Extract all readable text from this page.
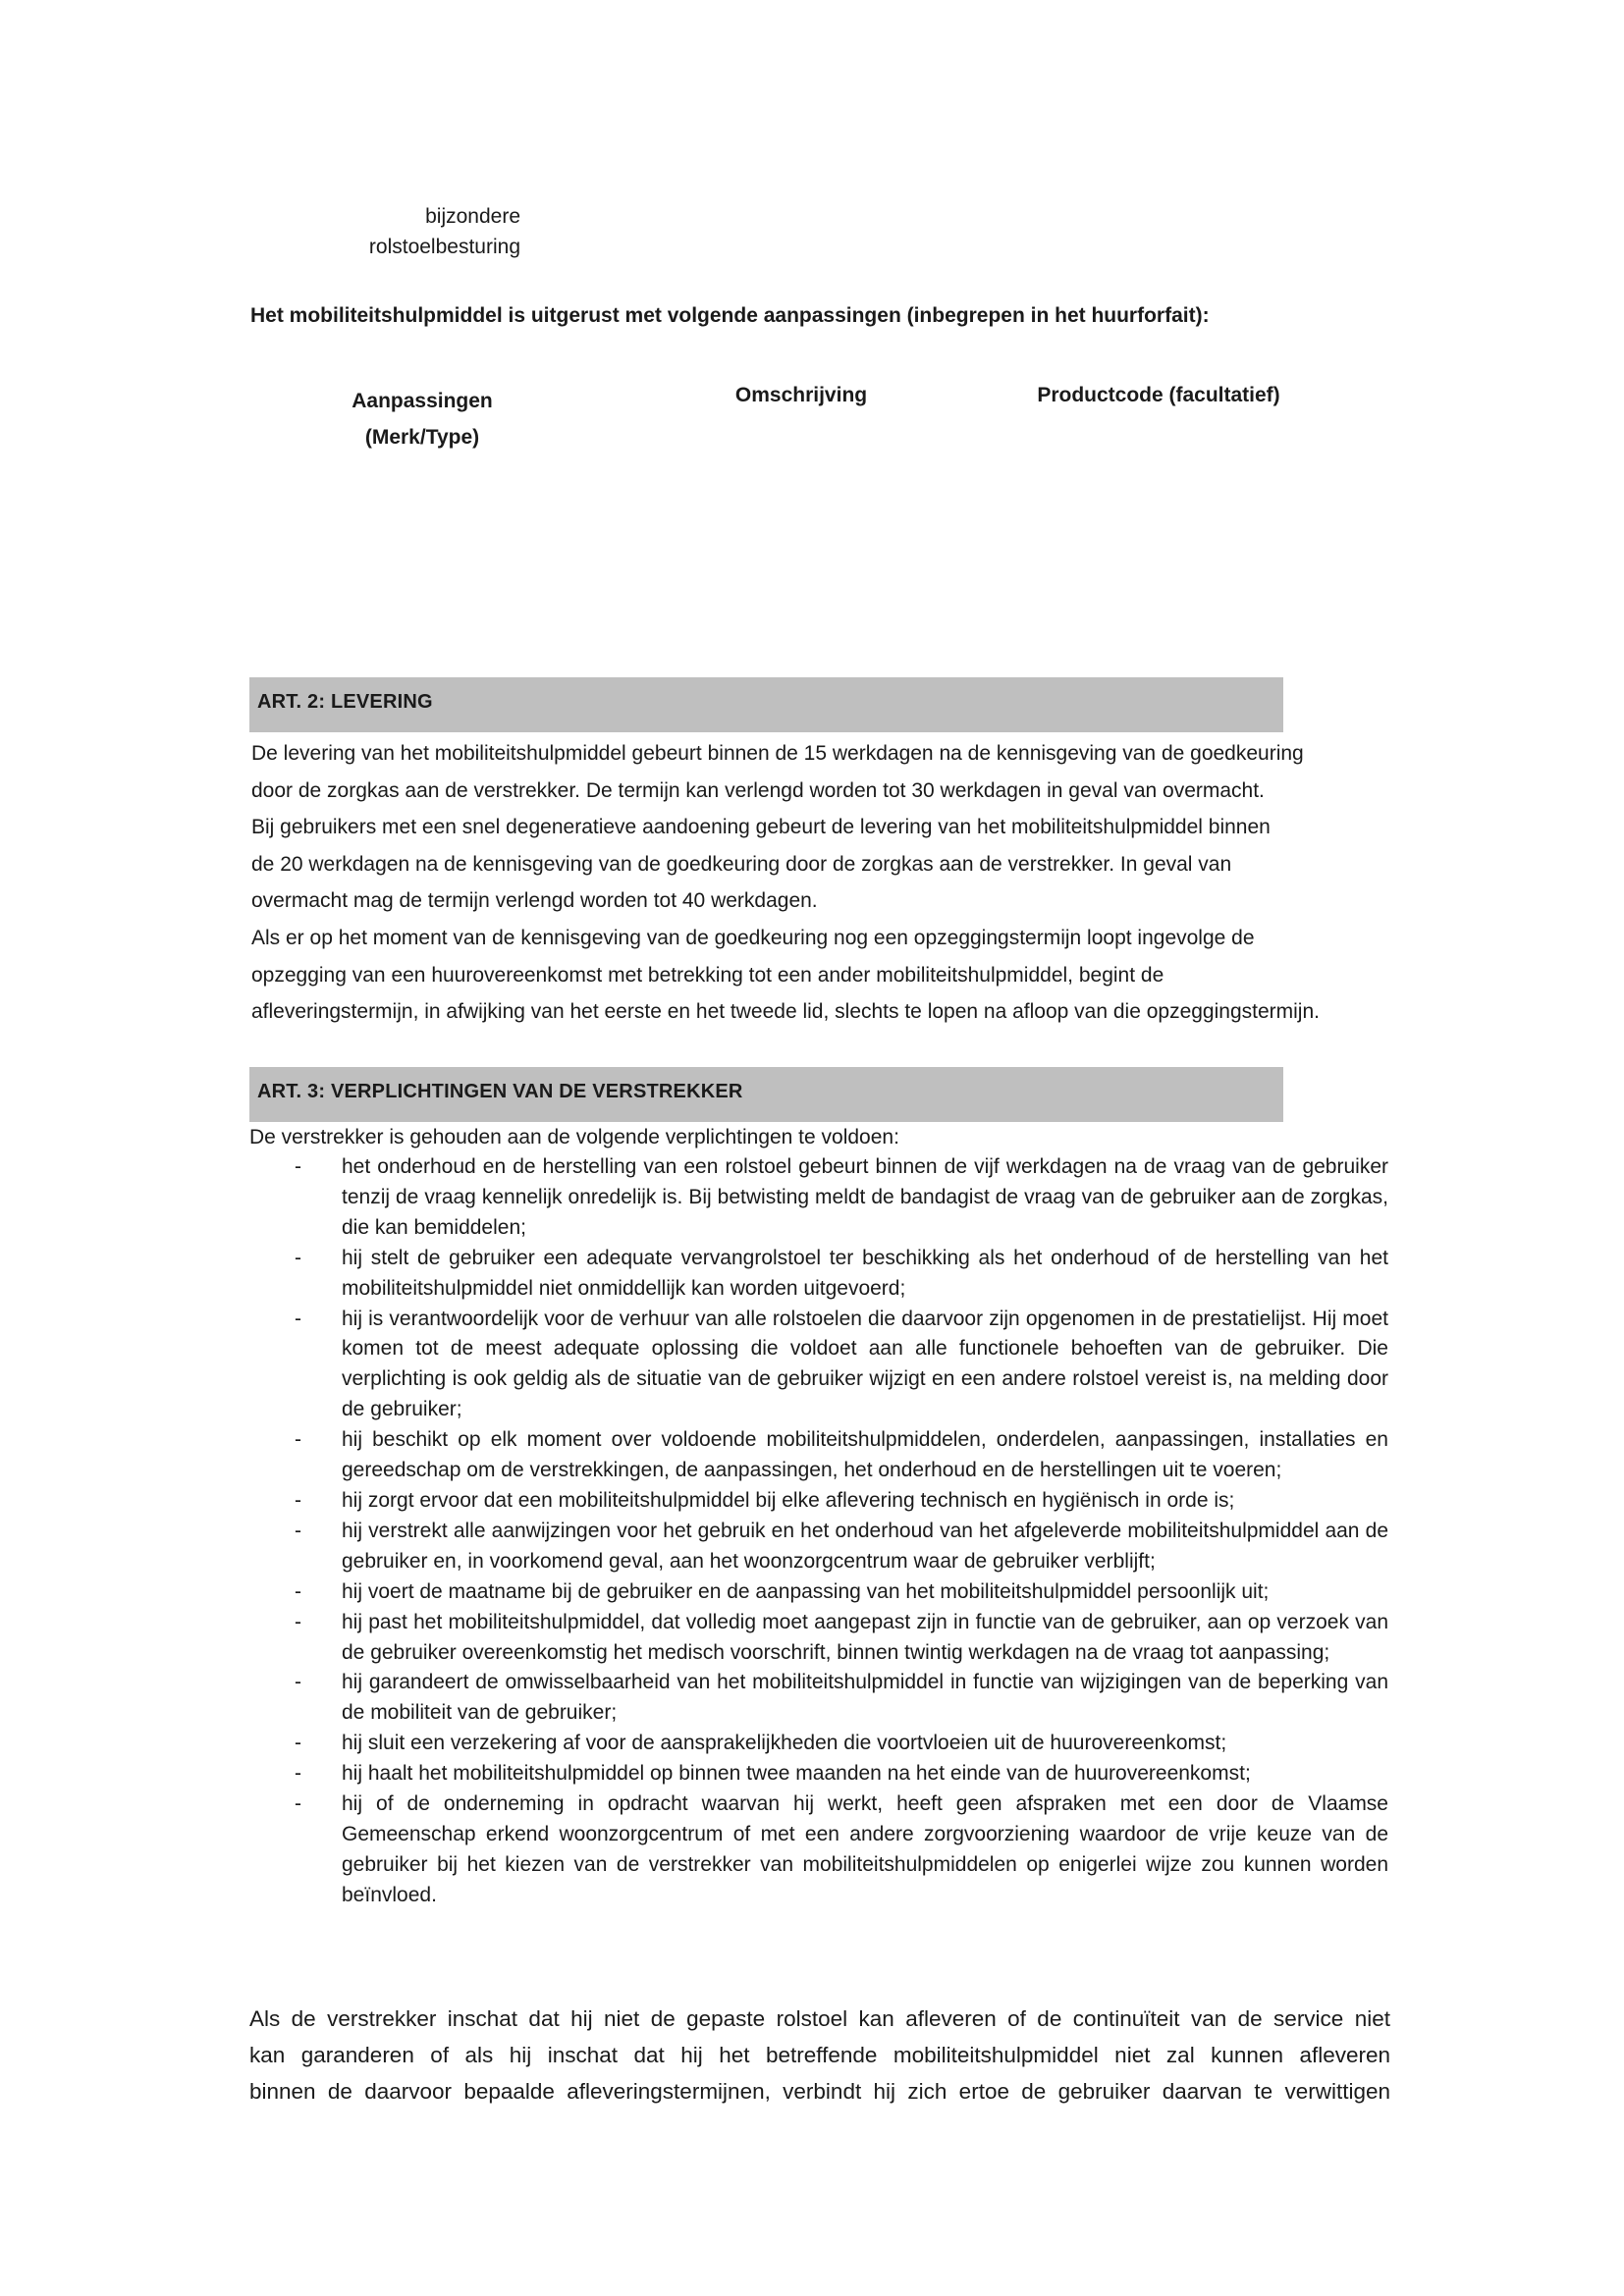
bijzondere
rolstoelbesturing
Het mobiliteitshulpmiddel is uitgerust met volgende aanpassingen (inbegrepen in het huurforfait):
Aanpassingen
(Merk/Type)
Omschrijving	Productcode (facultatief)
ART. 2: LEVERING

De levering van het mobiliteitshulpmiddel gebeurt binnen de 15 werkdagen na de kennisgeving van de goedkeuring

door de zorgkas aan de verstrekker. De termijn kan verlengd worden tot 30 werkdagen in geval van overmacht.

Bij gebruikers met een snel degeneratieve aandoening gebeurt de levering van het mobiliteitshulpmiddel binnen

de 20 werkdagen na de kennisgeving van de goedkeuring door de zorgkas aan de verstrekker. In geval van

overmacht mag de termijn verlengd worden tot 40 werkdagen.

Als er op het moment van de kennisgeving van de goedkeuring nog een opzeggingstermijn loopt ingevolge de

opzegging van een huurovereenkomst met betrekking tot een ander mobiliteitshulpmiddel, begint de

afleveringstermijn, in afwijking van het eerste en het tweede lid, slechts te lopen na afloop van die opzeggingstermijn.

ART. 3: VERPLICHTINGEN VAN DE VERSTREKKER
De verstrekker is gehouden aan de volgende verplichtingen te voldoen:
- het onderhoud en de herstelling van een rolstoel gebeurt binnen de vijf werkdagen na de vraag van de gebruiker tenzij de vraag kennelijk onredelijk is. Bij betwisting meldt de bandagist de vraag van de gebruiker aan de zorgkas, die kan bemiddelen;
- hij stelt de gebruiker een adequate vervangrolstoel ter beschikking als het onderhoud of de herstelling van het mobiliteitshulpmiddel niet onmiddellijk kan worden uitgevoerd;
- hij is verantwoordelijk voor de verhuur van alle rolstoelen die daarvoor zijn opgenomen in de prestatielijst. Hij moet komen tot de meest adequate oplossing die voldoet aan alle functionele behoeften van de gebruiker. Die verplichting is ook geldig als de situatie van de gebruiker wijzigt en een andere rolstoel vereist is, na melding door de gebruiker;
- hij beschikt op elk moment over voldoende mobiliteitshulpmiddelen, onderdelen, aanpassingen, installaties en gereedschap om de verstrekkingen, de aanpassingen, het onderhoud en de herstellingen uit te voeren;
- hij zorgt ervoor dat een mobiliteitshulpmiddel bij elke aflevering technisch en hygiënisch in orde is;
- hij verstrekt alle aanwijzingen voor het gebruik en het onderhoud van het afgeleverde mobiliteitshulpmiddel aan de gebruiker en, in voorkomend geval, aan het woonzorgcentrum waar de gebruiker verblijft;
- hij voert de maatname bij de gebruiker en de aanpassing van het mobiliteitshulpmiddel persoonlijk uit;
- hij past het mobiliteitshulpmiddel, dat volledig moet aangepast zijn in functie van de gebruiker, aan op verzoek van de gebruiker overeenkomstig het medisch voorschrift, binnen twintig werkdagen na de vraag tot aanpassing;
- hij garandeert de omwisselbaarheid van het mobiliteitshulpmiddel in functie van wijzigingen van de beperking van de mobiliteit van de gebruiker;
- hij sluit een verzekering af voor de aansprakelijkheden die voortvloeien uit de huurovereenkomst;
- hij haalt het mobiliteitshulpmiddel op binnen twee maanden na het einde van de huurovereenkomst;
- hij of de onderneming in opdracht waarvan hij werkt, heeft geen afspraken met een door de Vlaamse Gemeenschap erkend woonzorgcentrum of met een andere zorgvoorziening waardoor de vrije keuze van de gebruiker bij het kiezen van de verstrekker van mobiliteitshulpmiddelen op enigerlei wijze zou kunnen worden beïnvloed.

Als de verstrekker inschat dat hij niet de gepaste rolstoel kan afleveren of de continuïteit van de service niet

kan garanderen of als hij inschat dat hij het betreffende mobiliteitshulpmiddel niet zal kunnen afleveren

binnen de daarvoor bepaalde afleveringstermijnen, verbindt hij zich ertoe de gebruiker daarvan te verwittigen
